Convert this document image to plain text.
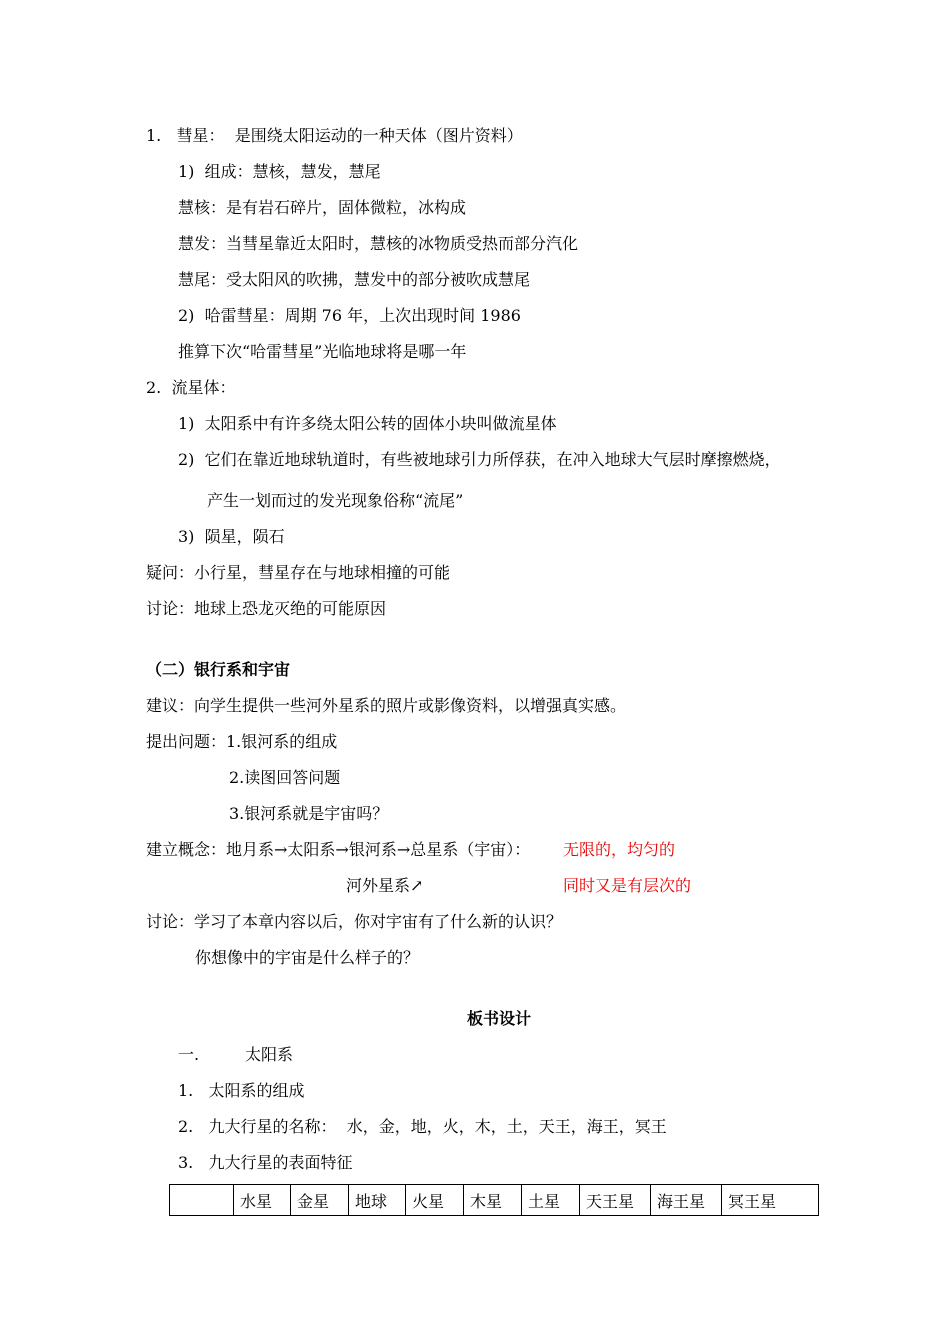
1.   彗星：  是围绕太阳运动的一种天体（图片资料）
1)  组成：慧核，慧发，慧尾
慧核：是有岩石碎片，固体微粒，冰构成
慧发：当彗星靠近太阳时，慧核的冰物质受热而部分汽化
慧尾：受太阳风的吹拂，慧发中的部分被吹成慧尾
2)  哈雷彗星：周期 76 年，上次出现时间 1986
推算下次“哈雷彗星”光临地球将是哪一年
2.  流星体：
1)  太阳系中有许多绕太阳公转的固体小块叫做流星体
2)  它们在靠近地球轨道时，有些被地球引力所俘获，在冲入地球大气层时摩擦燃烧，
产生一划而过的发光现象俗称“流尾”
3)  陨星，陨石
疑问：小行星，彗星存在与地球相撞的可能
讨论：地球上恐龙灭绝的可能原因
（二）银行系和宇宙
建议：向学生提供一些河外星系的照片或影像资料，以增强真实感。
提出问题：1.银河系的组成
2.读图回答问题
3.银河系就是宇宙吗？
建立概念：地月系→太阳系→银河系→总星系（宇宙）： 无限的，均匀的
河外星系↗	同时又是有层次的
讨论：学习了本章内容以后，你对宇宙有了什么新的认识？
你想像中的宇宙是什么样子的？
板书设计
一.	太阳系
1.   太阳系的组成
2.   九大行星的名称：  水，金，地，火，木，土，天王，海王，冥王
3.   九大行星的表面特征
	水星	金星	地球	火星	木星	土星	天王星	海王星	冥王星
